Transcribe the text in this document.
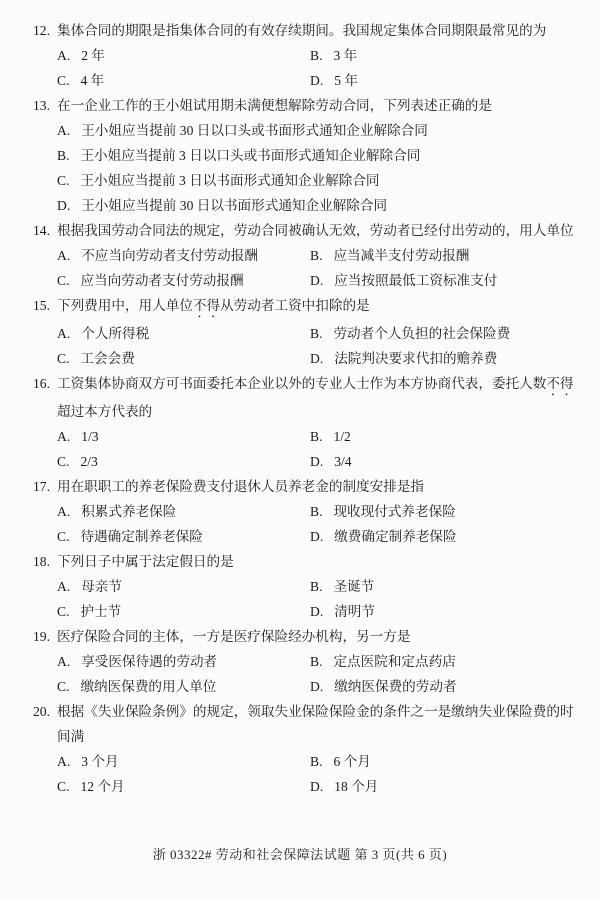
12. 集体合同的期限是指集体合同的有效存续期间。我国规定集体合同期限最常见的为
A. 2 年	B. 3 年
C. 4 年	D. 5 年
13. 在一企业工作的王小姐试用期未满便想解除劳动合同，下列表述正确的是
A. 王小姐应当提前 30 日以口头或书面形式通知企业解除合同
B. 王小姐应当提前 3 日以口头或书面形式通知企业解除合同
C. 王小姐应当提前 3 日以书面形式通知企业解除合同
D. 王小姐应当提前 30 日以书面形式通知企业解除合同
14. 根据我国劳动合同法的规定，劳动合同被确认无效，劳动者已经付出劳动的，用人单位
A. 不应当向劳动者支付劳动报酬	B. 应当减半支付劳动报酬
C. 应当向劳动者支付劳动报酬	D. 应当按照最低工资标准支付
15. 下列费用中，用人单位不得从劳动者工资中扣除的是
A. 个人所得税	B. 劳动者个人负担的社会保险费
C. 工会会费	D. 法院判决要求代扣的赡养费
16. 工资集体协商双方可书面委托本企业以外的专业人士作为本方协商代表，委托人数不得
超过本方代表的
A. 1/3	B. 1/2
C. 2/3	D. 3/4
17. 用在职职工的养老保险费支付退休人员养老金的制度安排是指
A. 积累式养老保险	B. 现收现付式养老保险
C. 待遇确定制养老保险	D. 缴费确定制养老保险
18. 下列日子中属于法定假日的是
A. 母亲节	B. 圣诞节
C. 护士节	D. 清明节
19. 医疗保险合同的主体，一方是医疗保险经办机构，另一方是
A. 享受医保待遇的劳动者	B. 定点医院和定点药店
C. 缴纳医保费的用人单位	D. 缴纳医保费的劳动者
20. 根据《失业保险条例》的规定，领取失业保险保险金的条件之一是缴纳失业保险费的时
间满
A. 3 个月	B. 6 个月
C. 12 个月	D. 18 个月
浙 03322# 劳动和社会保障法试题 第 3 页(共 6 页)
